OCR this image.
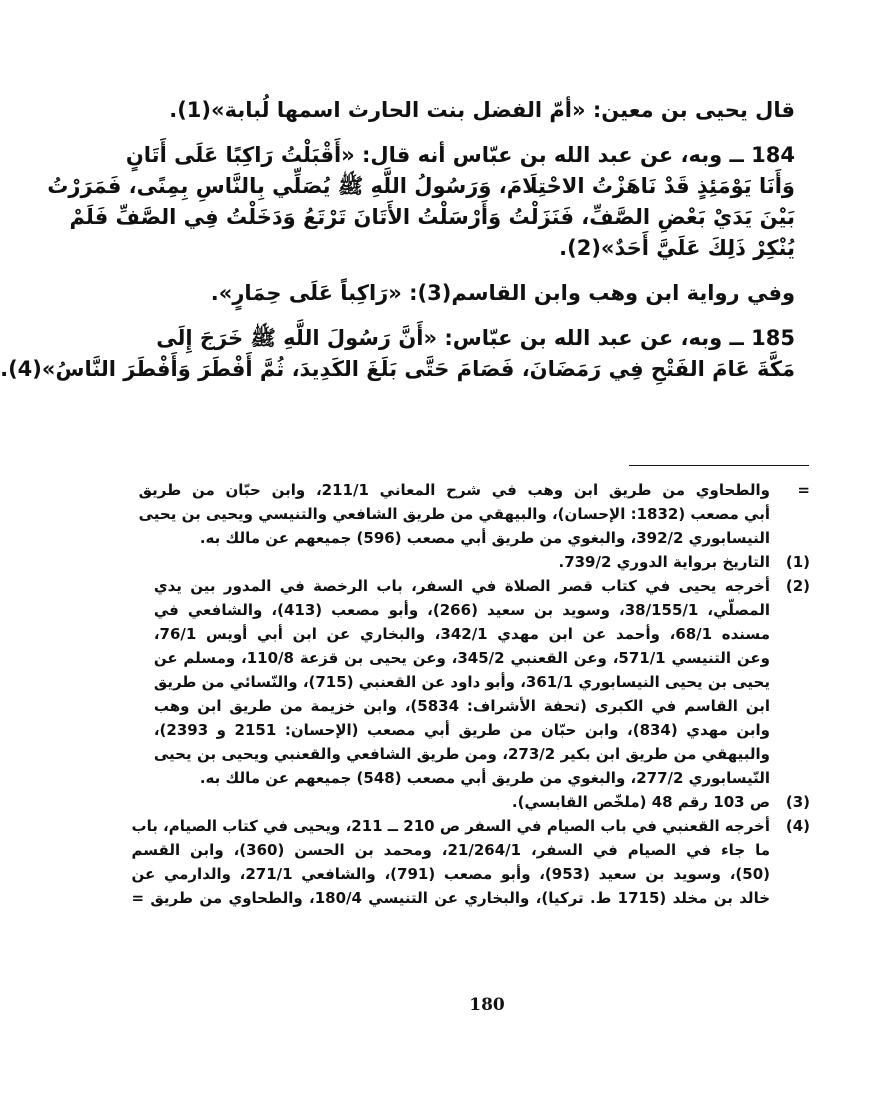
قال يحيى بن معين: «أمّ الفضل بنت الحارث اسمها لُبابة»(1).
184 ــ وبه، عن عبد الله بن عبّاس أنه قال: «أَقْبَلْتُ رَاكِبًا عَلَى أَتَانٍ
وَأَنَا يَوْمَئِذٍ قَدْ نَاهَزْتُ الاحْتِلَامَ، وَرَسُولُ اللَّهِ ﷺ يُصَلِّي بِالنَّاسِ بِمِنًى، فَمَرَرْتُ
بَيْنَ يَدَيْ بَعْضِ الصَّفِّ، فَنَزَلْتُ وَأَرْسَلْتُ الأَتَانَ تَرْتَعُ وَدَخَلْتُ فِي الصَّفِّ فَلَمْ
يُنْكِرْ ذَلِكَ عَلَيَّ أَحَدٌ»(2).
وفي رواية ابن وهب وابن القاسم(3): «رَاكِباً عَلَى حِمَارٍ».
185 ــ وبه، عن عبد الله بن عبّاس: «أَنَّ رَسُولَ اللَّهِ ﷺ خَرَجَ إِلَى
مَكَّةَ عَامَ الفَتْحِ فِي رَمَضَانَ، فَصَامَ حَتَّى بَلَغَ الكَدِيدَ، ثُمَّ أَفْطَرَ وَأَفْطَرَ النَّاسُ»(4).
=
والطحاوي من طريق ابن وهب في شرح المعاني 211/1، وابن حبّان من طريق
أبي مصعب (1832: الإحسان)، والبيهقي من طريق الشافعي والتنيسي ويحيى بن يحيى
النيسابوري 392/2، والبغوي من طريق أبي مصعب (596) جميعهم عن مالك به.
(1)
التاريخ برواية الدوري 739/2.
(2)
أخرجه يحيى في كتاب قصر الصلاة في السفر، باب الرخصة في المدور بين يدي
المصلّي، 38/155/1، وسويد بن سعيد (266)، وأبو مصعب (413)، والشافعي في
مسنده 68/1، وأحمد عن ابن مهدي 342/1، والبخاري عن ابن أبي أويس 76/1،
وعن التنيسي 571/1، وعن القعنبي 345/2، وعن يحيى بن قزعة 110/8، ومسلم عن
يحيى بن يحيى النيسابوري 361/1، وأبو داود عن القعنبي (715)، والنّسائي من طريق
ابن القاسم في الكبرى (تحفة الأشراف: 5834)، وابن خزيمة من طريق ابن وهب
وابن مهدي (834)، وابن حبّان من طريق أبي مصعب (الإحسان: 2151 و 2393)،
والبيهقي من طريق ابن بكير 273/2، ومن طريق الشافعي والقعنبي ويحيى بن يحيى
النّيسابوري 277/2، والبغوي من طريق أبي مصعب (548) جميعهم عن مالك به.
(3)
ص 103 رقم 48 (ملخّص القابسي).
(4)
أخرجه القعنبي في باب الصيام في السفر ص 210 ــ 211، ويحيى في كتاب الصيام، باب
ما جاء في الصيام في السفر، 21/264/1، ومحمد بن الحسن (360)، وابن القسم
(50)، وسويد بن سعيد (953)، وأبو مصعب (791)، والشافعي 271/1، والدارمي عن
خالد بن مخلد (1715 ط. تركيا)، والبخاري عن التنيسي 180/4، والطحاوي من طريق =
180
